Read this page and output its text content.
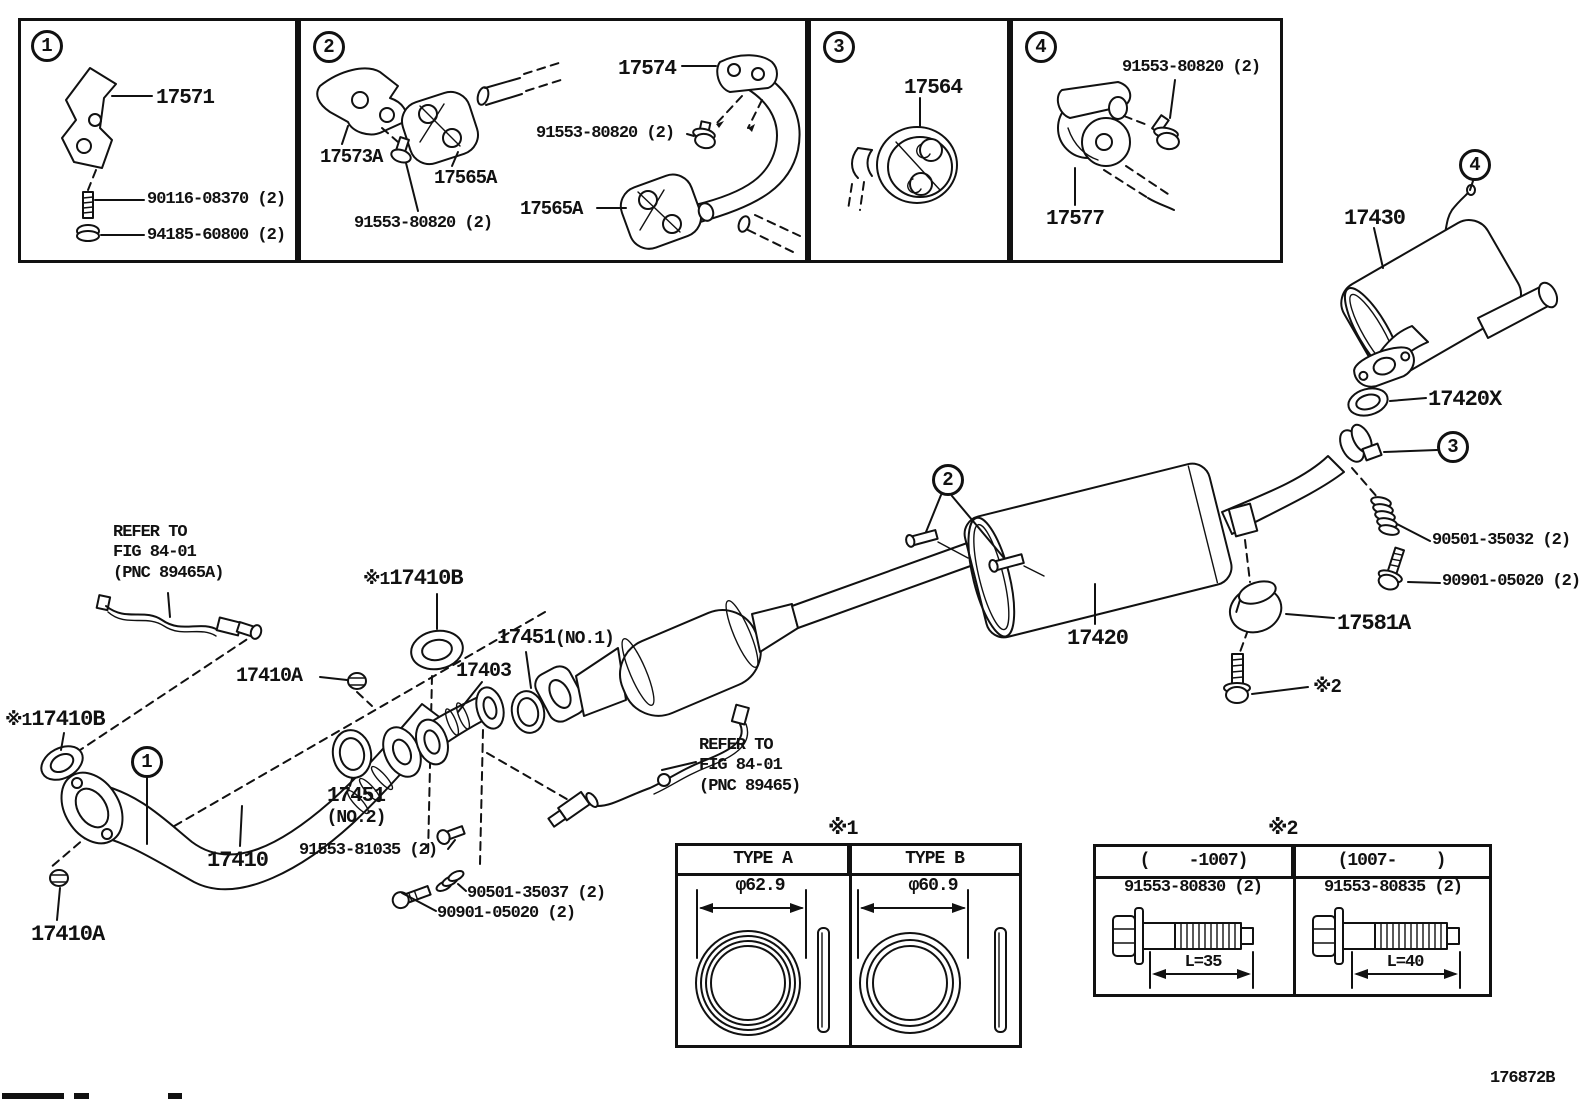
1	2	3	4
1
2
3
4
17571
90116-08370 (2)
94185-60800 (2)
17573A
17565A
91553-80820 (2)
17574
91553-80820 (2)
17565A
17564
91553-80820 (2)
17577
REFER TO
FIG 84-01
(PNC 89465A)	※117410B
17410A	17403
17451(NO.1)
※117410B
17451
(NO.2)
17410
17410A
91553-81035 (2)
90501-35037 (2)
90901-05020 (2)
REFER TO
FIG 84-01
(PNC 89465)
17420
17430
17420X
90501-35032 (2)
90901-05020 (2)
17581A
※2
※1
TYPE A	TYPE B
φ62.9	φ60.9
※2
(    -1007)	(1007-    )
91553-80830 (2)	91553-80835 (2)
L=35	L=40
176872B
